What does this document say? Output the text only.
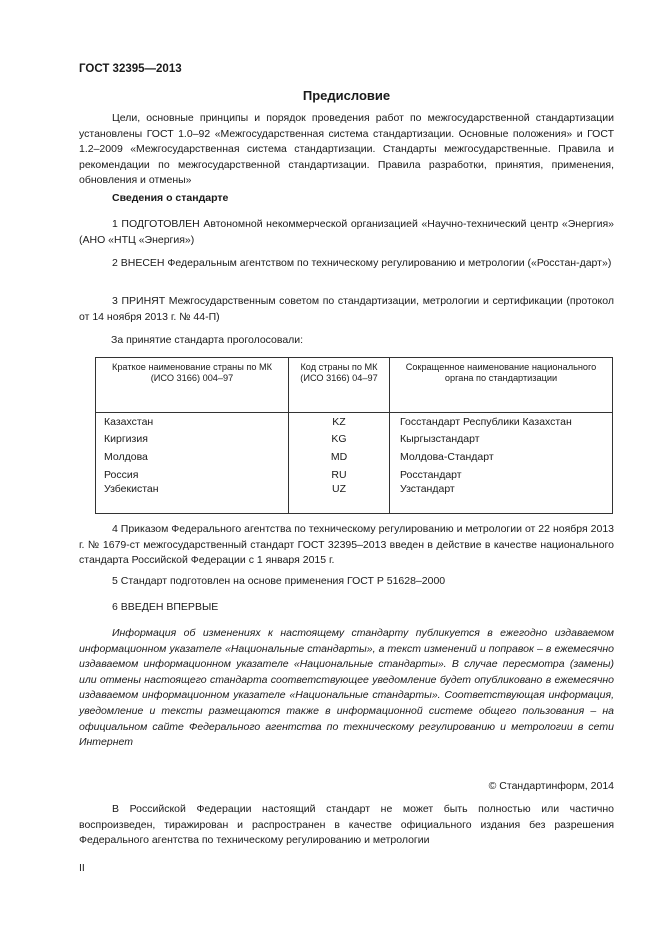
ГОСТ 32395—2013
Предисловие
Цели, основные принципы и порядок проведения работ по межгосударственной стандартизации установлены ГОСТ 1.0–92 «Межгосударственная система стандартизации. Основные положения» и ГОСТ 1.2–2009 «Межгосударственная система стандартизации. Стандарты межгосударственные. Правила и рекомендации по межгосударственной стандартизации. Правила разработки, принятия, применения, обновления и отмены»
Сведения о стандарте
1 ПОДГОТОВЛЕН Автономной некоммерческой организацией «Научно-технический центр «Энергия» (АНО «НТЦ «Энергия»)
2 ВНЕСЕН Федеральным агентством по техническому регулированию и метрологии («Росстан-дарт»)
3 ПРИНЯТ Межгосударственным советом по стандартизации, метрологии и сертификации (протокол от 14 ноября 2013 г. № 44-П)
За принятие стандарта проголосовали:
Краткое наименование страны по МК (ИСО 3166) 004–97	Код страны по МК (ИСО 3166) 04–97	Сокращенное наименование национального органа по стандартизации
Казахстан	KZ	Госстандарт Республики Казахстан
Киргизия	KG	Кыргызстандарт
Молдова	MD	Молдова-Стандарт
Россия	RU	Росстандарт
Узбекистан	UZ	Узстандарт
4 Приказом Федерального агентства по техническому регулированию и метрологии от 22 ноября 2013 г. № 1679-ст межгосударственный стандарт ГОСТ 32395–2013 введен в действие в качестве национального стандарта Российской Федерации с 1 января 2015 г.
5 Стандарт подготовлен на основе применения ГОСТ Р 51628–2000
6 ВВЕДЕН ВПЕРВЫЕ
Информация об изменениях к настоящему стандарту публикуется в ежегодно издаваемом информационном указателе «Национальные стандарты», а текст изменений и поправок – в ежемесячно издаваемом информационном указателе «Национальные стандарты». В случае пересмотра (замены) или отмены настоящего стандарта соответствующее уведомление будет опубликовано в ежемесячно издаваемом информационном указателе «Национальные стандарты». Соответствующая информация, уведомление и тексты размещаются также в информационной системе общего пользования – на официальном сайте Федерального агентства по техническому регулированию и метрологии в сети Интернет
© Стандартинформ, 2014
В Российской Федерации настоящий стандарт не может быть полностью или частично воспроизведен, тиражирован и распространен в качестве официального издания без разрешения Федерального агентства по техническому регулированию и метрологии
II
